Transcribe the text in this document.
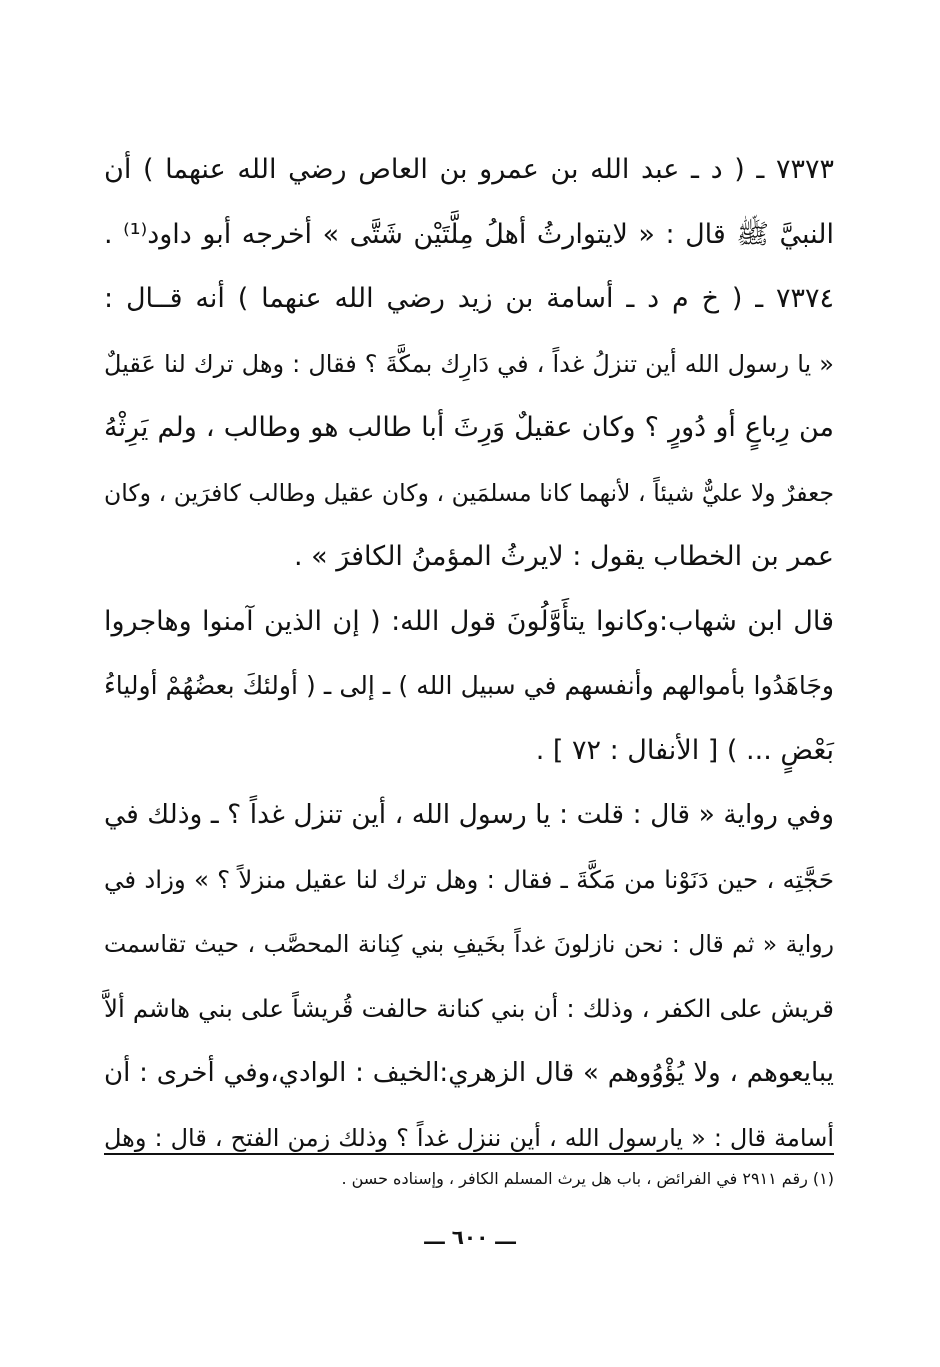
٧٣٧٣ ـ ( د ـ عبد الله بن عمرو بن العاص رضي الله عنهما ) أن
النبيَّ ﷺ قال : « لايتوارثُ أهلُ مِلَّتَيْن شَتَّى » أخرجه أبو داود⁽¹⁾ .
٧٣٧٤ ـ ( خ م د ـ أسامة بن زيد رضي الله عنهما ) أنه قــال :
« يا رسول الله أين تنزلُ غداً ، في دَارِك بمكَّةَ ؟ فقال : وهل ترك لنا عَقيلٌ
من رِباعٍ أو دُورٍ ؟ وكان عقيلٌ وَرِثَ أبا طالب هو وطالب ، ولم يَرِثْهُ
جعفرٌ ولا عليٌّ شيئاً ، لأنهما كانا مسلمَين ، وكان عقيل وطالب كافرَين ، وكان
عمر بن الخطاب يقول : لايرثُ المؤمنُ الكافرَ » .
قال ابن شهاب:وكانوا يتأَوَّلُونَ قول الله: ( إن الذين آمنوا وهاجروا
وجَاهَدُوا بأموالهم وأنفسهم في سبيل الله ) ـ إلى ـ ( أولئكَ بعضُهُمْ أولياءُ
بَعْضٍ ... ) [ الأنفال : ٧٢ ] .
وفي رواية « قال : قلت : يا رسول الله ، أين تنزل غداً ؟ ـ وذلك في
حَجَّتِه ، حين دَنَوْنا من مَكَّةَ ـ فقال : وهل ترك لنا عقيل منزلاً ؟ » وزاد في
رواية « ثم قال : نحن نازلونَ غداً بخَيفِ بني كِنانة المحصَّب ، حيث تقاسمت
قريش على الكفر ، وذلك : أن بني كنانة حالفت قُريشاً على بني هاشم ألاَّ
يبايعوهم ، ولا يُؤْوُوهم » قال الزهري:الخيف : الوادي،وفي أخرى : أن
أسامة قال : « يارسول الله ، أين ننزل غداً ؟ وذلك زمن الفتح ، قال : وهل
(١) رقم ٢٩١١ في الفرائض ، باب هل يرث المسلم الكافر ، وإسناده حسن .
ـــ ٦٠٠ ـــ
